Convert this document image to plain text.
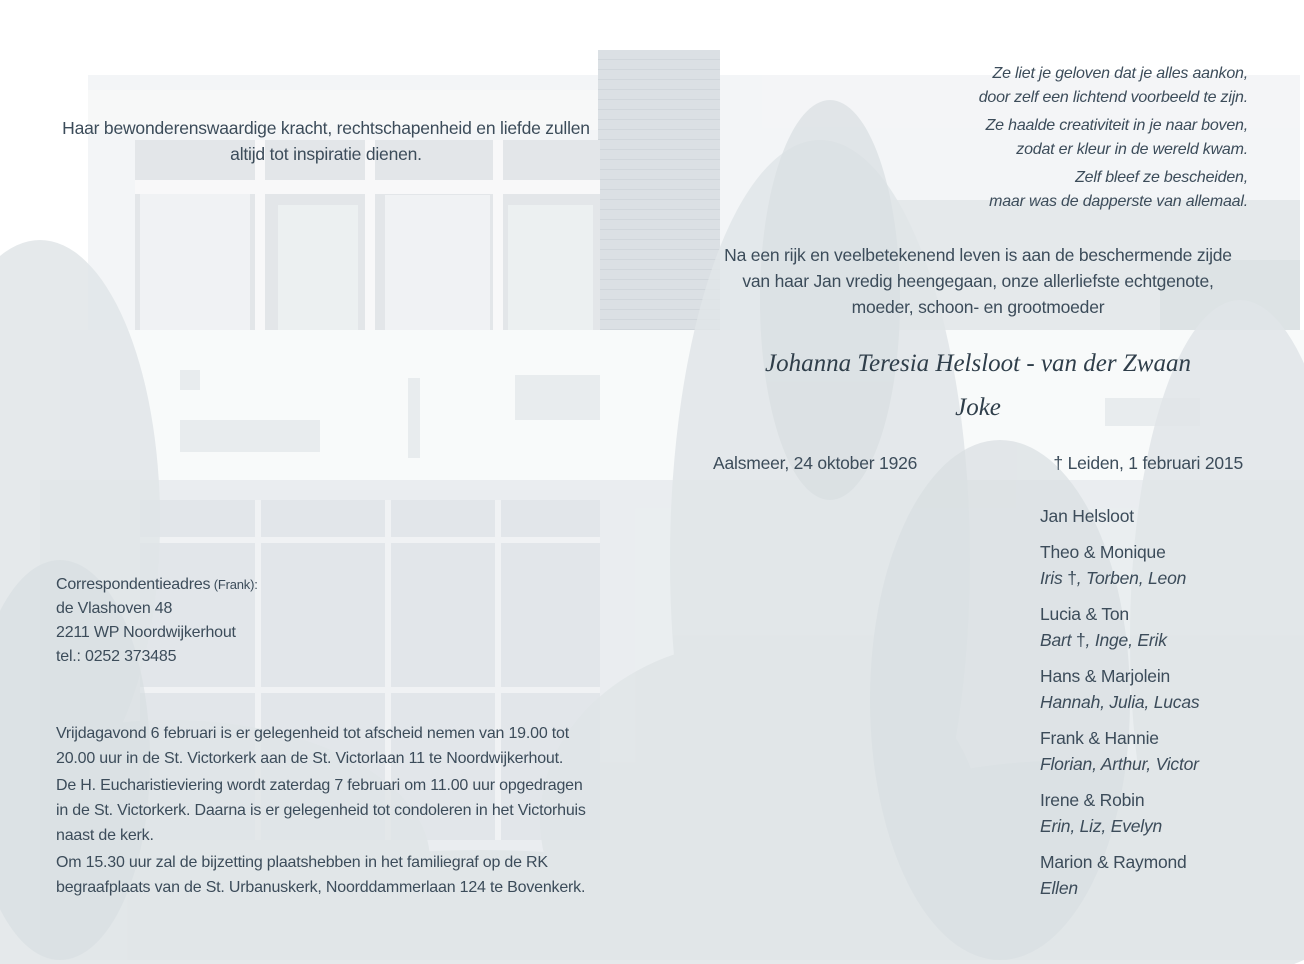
Haar bewonderenswaardige kracht, rechtschapenheid en liefde zullen
altijd tot inspiratie dienen.
Ze liet je geloven dat je alles aankon,
door zelf een lichtend voorbeeld te zijn.
Ze haalde creativiteit in je naar boven,
zodat er kleur in de wereld kwam.
Zelf bleef ze bescheiden,
maar was de dapperste van allemaal.
Na een rijk en veelbetekenend leven is aan de beschermende zijde
van haar Jan vredig heengegaan, onze allerliefste echtgenote,
moeder, schoon- en grootmoeder
Johanna Teresia Helsloot - van der Zwaan
Joke
Aalsmeer, 24 oktober 1926	† Leiden, 1 februari 2015
Jan Helsloot
Theo & Monique
Iris †, Torben, Leon
Lucia & Ton
Bart †, Inge, Erik
Hans & Marjolein
Hannah, Julia, Lucas
Frank & Hannie
Florian, Arthur, Victor
Irene & Robin
Erin, Liz, Evelyn
Marion & Raymond
Ellen
Correspondentieadres (Frank):
de Vlashoven 48
2211 WP Noordwijkerhout
tel.: 0252 373485
Vrijdagavond 6 februari is er gelegenheid tot afscheid nemen van 19.00 tot
20.00 uur in de St. Victorkerk aan de St. Victorlaan 11 te Noordwijkerhout.
De H. Eucharistieviering wordt zaterdag 7 februari om 11.00 uur opgedragen
in de St. Victorkerk. Daarna is er gelegenheid tot condoleren in het Victorhuis
naast de kerk.
Om 15.30 uur zal de bijzetting plaatshebben in het familiegraf op de RK
begraafplaats van de St. Urbanuskerk, Noorddammerlaan 124 te Bovenkerk.
